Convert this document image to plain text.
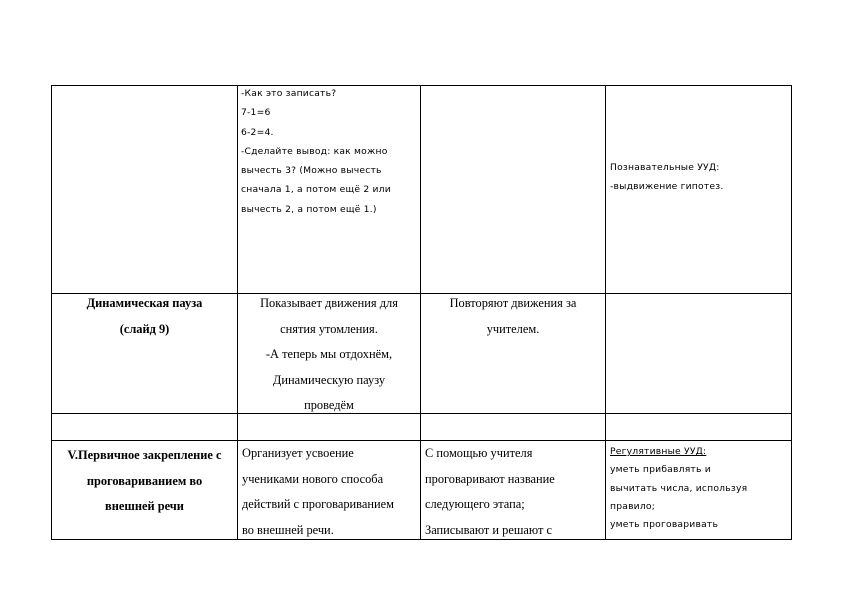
-Как это записать?
7-1=6
6-2=4.
-Сделайте вывод: как можно
вычесть 3? (Можно вычесть
сначала 1, а потом ещё 2 или
вычесть 2, а потом ещё 1.)
Познавательные УУД:
-выдвижение гипотез.
Динамическая пауза
(слайд 9)
Показывает движения для
снятия утомления.
-А теперь мы отдохнём,
Динамическую паузу
проведём
Повторяют движения за
учителем.
V.Первичное закрепление с
проговариванием во
внешней речи
Организует усвоение
учениками нового способа
действий с проговариванием
во внешней речи.
С помощью учителя
проговаривают название
следующего этапа;
Записывают и решают с
Регулятивные УУД:
уметь прибавлять и
вычитать числа, используя
правило;
уметь проговаривать
